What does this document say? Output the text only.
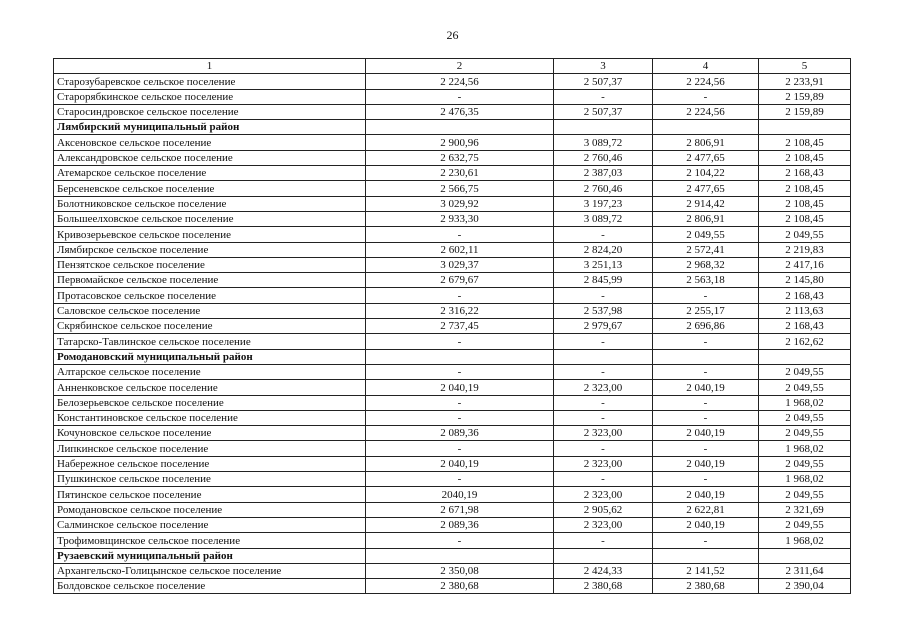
26
1	2	3	4	5
Старозубаревское сельское поселение	2 224,56	2 507,37	2 224,56	2 233,91
Старорябкинское сельское поселение	-	-	-	2 159,89
Старосиндровское сельское поселение	2 476,35	2 507,37	2 224,56	2 159,89
Лямбирский муниципальный район				
Аксеновское сельское поселение	2 900,96	3 089,72	2 806,91	2 108,45
Александровское сельское поселение	2 632,75	2 760,46	2 477,65	2 108,45
Атемарское сельское поселение	2 230,61	2 387,03	2 104,22	2 168,43
Берсеневское сельское поселение	2 566,75	2 760,46	2 477,65	2 108,45
Болотниковское сельское поселение	3 029,92	3 197,23	2 914,42	2 108,45
Большеелховское сельское поселение	2 933,30	3 089,72	2 806,91	2 108,45
Кривозерьевское сельское поселение	-	-	2 049,55	2 049,55
Лямбирское сельское поселение	2 602,11	2 824,20	2 572,41	2 219,83
Пензятское сельское поселение	3 029,37	3 251,13	2 968,32	2 417,16
Первомайское сельское поселение	2 679,67	2 845,99	2 563,18	2 145,80
Протасовское сельское поселение	-	-	-	2 168,43
Саловское сельское поселение	2 316,22	2 537,98	2 255,17	2 113,63
Скрябинское сельское поселение	2 737,45	2 979,67	2 696,86	2 168,43
Татарско-Тавлинское сельское поселение	-	-	-	2 162,62
Ромодановский муниципальный район				
Алтарское сельское поселение	-	-	-	2 049,55
Анненковское сельское поселение	2 040,19	2 323,00	2 040,19	2 049,55
Белозерьевское сельское поселение	-	-	-	1 968,02
Константиновское сельское поселение	-	-	-	2 049,55
Кочуновское сельское поселение	2 089,36	2 323,00	2 040,19	2 049,55
Липкинское сельское поселение	-	-	-	1 968,02
Набережное сельское поселение	2 040,19	2 323,00	2 040,19	2 049,55
Пушкинское сельское поселение	-	-	-	1 968,02
Пятинское сельское поселение	2040,19	2 323,00	2 040,19	2 049,55
Ромодановское сельское поселение	2 671,98	2 905,62	2 622,81	2 321,69
Салминское сельское поселение	2 089,36	2 323,00	2 040,19	2 049,55
Трофимовщинское сельское поселение	-	-	-	1 968,02
Рузаевский муниципальный район				
Архангельско-Голицынское сельское поселение	2 350,08	2 424,33	2 141,52	2 311,64
Болдовское сельское поселение	2 380,68	2 380,68	2 380,68	2 390,04
